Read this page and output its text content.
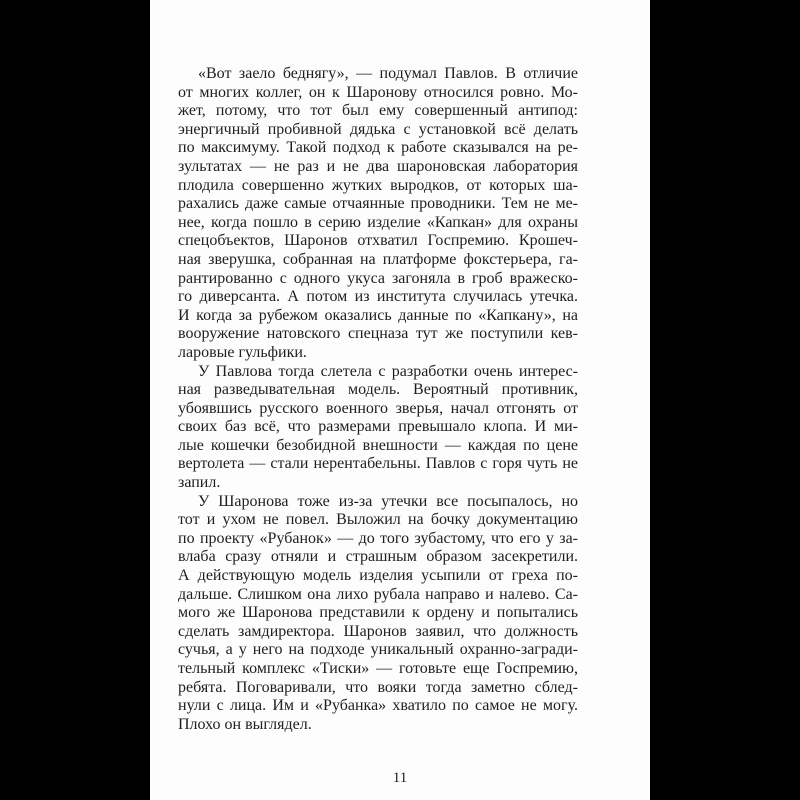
«Вот заело беднягу», — подумал Павлов. В отличие
от многих коллег, он к Шаронову относился ровно. Мо-
жет, потому, что тот был ему совершенный антипод:
энергичный пробивной дядька с установкой всё делать
по максимуму. Такой подход к работе сказывался на ре-
зультатах — не раз и не два шароновская лаборатория
плодила совершенно жутких выродков, от которых ша-
рахались даже самые отчаянные проводники. Тем не ме-
нее, когда пошло в серию изделие «Капкан» для охраны
спецобъектов, Шаронов отхватил Госпремию. Крошеч-
ная зверушка, собранная на платформе фокстерьера, га-
рантированно с одного укуса загоняла в гроб вражеско-
го диверсанта. А потом из института случилась утечка.
И когда за рубежом оказались данные по «Капкану», на
вооружение натовского спецназа тут же поступили кев-
ларовые гульфики.
У Павлова тогда слетела с разработки очень интерес-
ная разведывательная модель. Вероятный противник,
убоявшись русского военного зверья, начал отгонять от
своих баз всё, что размерами превышало клопа. И ми-
лые кошечки безобидной внешности — каждая по цене
вертолета — стали нерентабельны. Павлов с горя чуть не
запил.
У Шаронова тоже из-за утечки все посыпалось, но
тот и ухом не повел. Выложил на бочку документацию
по проекту «Рубанок» — до того зубастому, что его у за-
влаба сразу отняли и страшным образом засекретили.
А действующую модель изделия усыпили от греха по-
дальше. Слишком она лихо рубала направо и налево. Са-
мого же Шаронова представили к ордену и попытались
сделать замдиректора. Шаронов заявил, что должность
сучья, а у него на подходе уникальный охранно-загради-
тельный комплекс «Тиски» — готовьте еще Госпремию,
ребята. Поговаривали, что вояки тогда заметно сблед-
нули с лица. Им и «Рубанка» хватило по самое не могу.
Плохо он выглядел.
11
